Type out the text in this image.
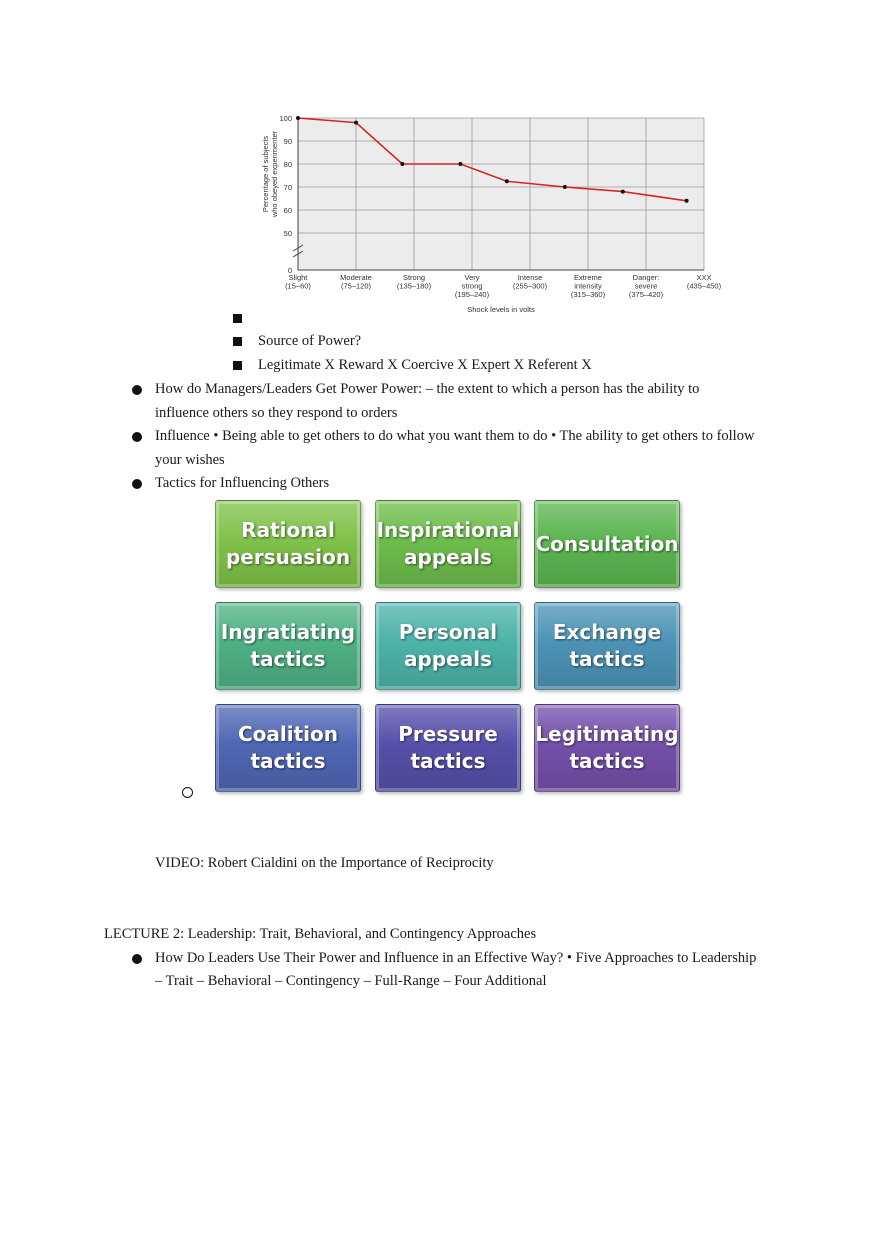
0
50
60
70
80
90
100
Percentage of subjectswho obeyed experimenter
Slight (15–60)
Moderate (75–120)
Strong (135–180)
Very strong (195–240)
Intense (255–300)
Extreme intensity (315–360)
Danger: severe (375–420)
XXX (435–450)
Shock levels in volts
Source of Power?
Legitimate X Reward X Coercive X Expert X Referent X
How do Managers/Leaders Get Power Power: – the extent to which a person has the ability to
influence others so they respond to orders
Influence • Being able to get others to do what you want them to do • The ability to get others to follow
your wishes
Tactics for Influencing Others
Rational
persuasion
Inspirational
appeals
Consultation
Ingratiating
tactics
Personal
appeals
Exchange
tactics
Coalition
tactics
Pressure
tactics
Legitimating
tactics
VIDEO: Robert Cialdini on the Importance of Reciprocity
LECTURE 2: Leadership: Trait, Behavioral, and Contingency Approaches
How Do Leaders Use Their Power and Influence in an Effective Way? • Five Approaches to Leadership
– Trait – Behavioral – Contingency – Full-Range – Four Additional
